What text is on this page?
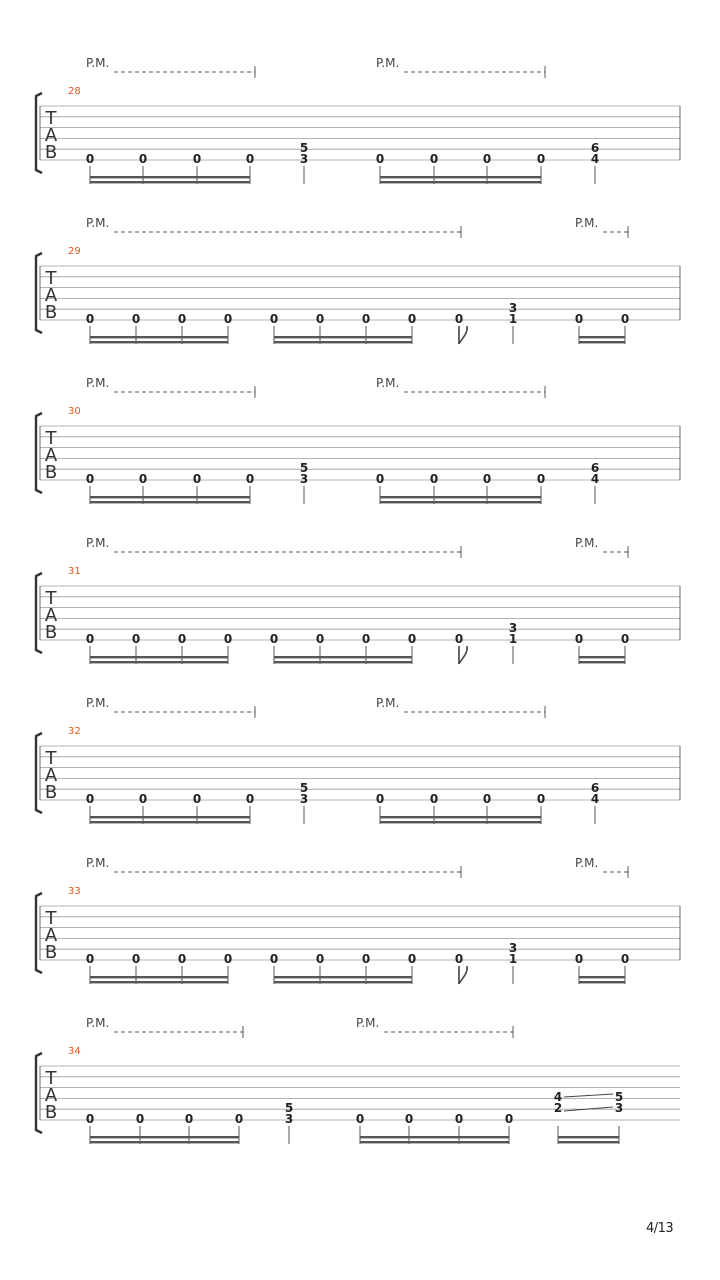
P.M.	P.M.
28
T
A
B 0	0	0	0
5
3	0	0	0	0
6
4
P.M.	P.M.
29
T
A
B 0	0	0	0	0	0	0	0	0
3
1	0	0
P.M.	P.M.
30
T
A
B 0	0	0	0
5
3	0	0	0	0
6
4
P.M.	P.M.
31
T
A
B 0	0	0	0	0	0	0	0	0
3
1	0	0
P.M.	P.M.
32
T
A
B 0	0	0	0
5
3	0	0	0	0
6
4
P.M.	P.M.
33
T
A
B 0	0	0	0	0	0	0	0	0
3
1	0	0
P.M.	P.M.
34
T
A
B 0	0	0	0
5
3	0	0	0	0
4
2
5
3
4/13
